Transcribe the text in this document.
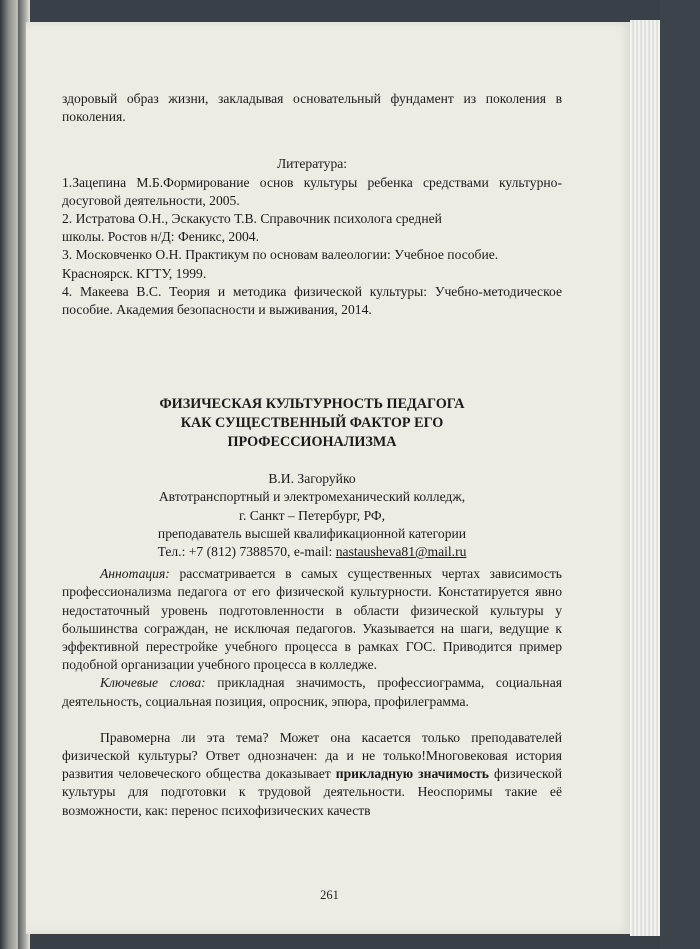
здоровый образ жизни, закладывая основательный фундамент из поколения в поколения.

Литература:

1.Зацепина М.Б.Формирование основ культуры ребенка средствами культурно-досуговой деятельности, 2005.

2. Истратова О.Н., Эскакусто Т.В. Справочник психолога средней школы. Ростов н/Д: Феникс, 2004.

3. Московченко О.Н. Практикум по основам валеологии: Учебное пособие. Красноярск. КГТУ, 1999.

4. Макеева В.С. Теория и методика физической культуры: Учебно-методическое пособие. Академия безопасности и выживания, 2014.

ФИЗИЧЕСКАЯ КУЛЬТУРНОСТЬ ПЕДАГОГА

КАК СУЩЕСТВЕННЫЙ ФАКТОР ЕГО

ПРОФЕССИОНАЛИЗМА

В.И. Загоруйко

Автотранспортный и электромеханический колледж,

г. Санкт – Петербург, РФ,

преподаватель высшей квалификационной категории

Тел.: +7 (812) 7388570, e-mail: nastausheva81@mail.ru

Аннотация: рассматривается в самых существенных чертах зависимость профессионализма педагога от его физической культурности. Констатируется явно недостаточный уровень подготовленности в области физической культуры у большинства сограждан, не исключая педагогов. Указывается на шаги, ведущие к эффективной перестройке учебного процесса в рамках ГОС. Приводится пример подобной организации учебного процесса в колледже.

Ключевые слова: прикладная значимость, профессиограмма, социальная деятельность, социальная позиция, опросник, эпюра, профилеграмма.

Правомерна ли эта тема? Может она касается только преподавателей физической культуры? Ответ однозначен: да и не только!Многовековая история развития человеческого общества доказывает прикладную значимость физической культуры для подготовки к трудовой деятельности. Неоспоримы такие её возможности, как: перенос психофизических качеств

261
